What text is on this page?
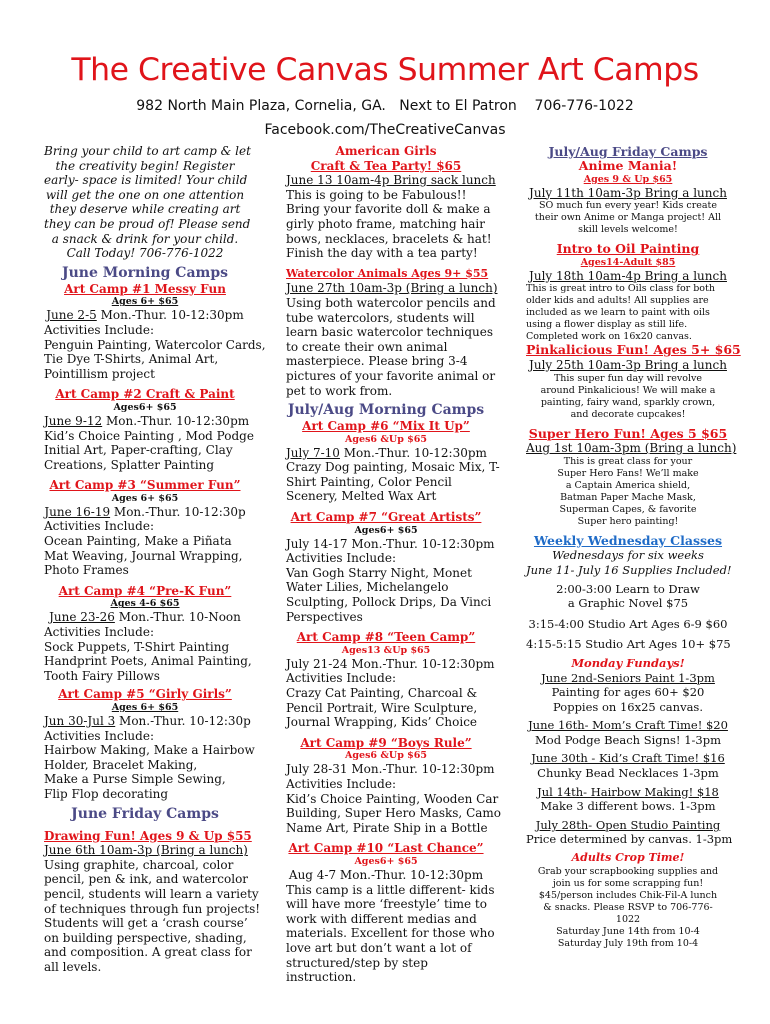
The Creative Canvas Summer Art Camps
982 North Main Plaza, Cornelia, GA.   Next to El Patron    706-776-1022
Facebook.com/TheCreativeCanvas
Bring your child to art camp & let
the creativity begin! Register
early- space is limited! Your child
will get the one on one attention
they deserve while creating art
they can be proud of! Please send
a snack & drink for your child.
Call Today! 706-776-1022
June Morning Camps
Art Camp #1 Messy Fun
Ages 6+ $65
June 2-5 Mon.-Thur. 10-12:30pm
Activities Include:
Penguin Painting, Watercolor Cards,
Tie Dye T-Shirts, Animal Art,
Pointillism project
Art Camp #2 Craft & Paint
Ages6+ $65
June 9-12 Mon.-Thur. 10-12:30pm
Kid’s Choice Painting , Mod Podge
Initial Art, Paper-crafting, Clay
Creations, Splatter Painting
Art Camp #3 “Summer Fun”
Ages 6+ $65
June 16-19 Mon.-Thur. 10-12:30p
Activities Include:
Ocean Painting, Make a Piñata
Mat Weaving, Journal Wrapping,
Photo Frames
Art Camp #4 “Pre-K Fun”
Ages 4-6 $65
June 23-26 Mon.-Thur. 10-Noon
Activities Include:
Sock Puppets, T-Shirt Painting
Handprint Poets, Animal Painting,
Tooth Fairy Pillows
Art Camp #5 “Girly Girls”
Ages 6+ $65
Jun 30-Jul 3 Mon.-Thur. 10-12:30p
Activities Include:
Hairbow Making, Make a Hairbow
Holder, Bracelet Making,
Make a Purse Simple Sewing,
Flip Flop decorating
June Friday Camps
Drawing Fun! Ages 9 & Up $55
June 6th 10am-3p (Bring a lunch)
Using graphite, charcoal, color
pencil, pen & ink, and watercolor
pencil, students will learn a variety
of techniques through fun projects!
Students will get a ‘crash course’
on building perspective, shading,
and composition. A great class for
all levels.
American Girls
Craft & Tea Party! $65
June 13 10am-4p Bring sack lunch
This is going to be Fabulous!!
Bring your favorite doll & make a
girly photo frame, matching hair
bows, necklaces, bracelets & hat!
Finish the day with a tea party!
Watercolor Animals Ages 9+ $55
June 27th 10am-3p (Bring a lunch)
Using both watercolor pencils and
tube watercolors, students will
learn basic watercolor techniques
to create their own animal
masterpiece. Please bring 3-4
pictures of your favorite animal or
pet to work from.
July/Aug Morning Camps
Art Camp #6 “Mix It Up”
Ages6 &Up $65
July 7-10 Mon.-Thur. 10-12:30pm
Crazy Dog painting, Mosaic Mix, T-
Shirt Painting, Color Pencil
Scenery, Melted Wax Art
Art Camp #7 “Great Artists”
Ages6+ $65
July 14-17 Mon.-Thur. 10-12:30pm
Activities Include:
Van Gogh Starry Night, Monet
Water Lilies, Michelangelo
Sculpting, Pollock Drips, Da Vinci
Perspectives
Art Camp #8 “Teen Camp”
Ages13 &Up $65
July 21-24 Mon.-Thur. 10-12:30pm
Activities Include:
Crazy Cat Painting, Charcoal &
Pencil Portrait, Wire Sculpture,
Journal Wrapping, Kids’ Choice
Art Camp #9 “Boys Rule”
Ages6 &Up $65
July 28-31 Mon.-Thur. 10-12:30pm
Activities Include:
Kid’s Choice Painting, Wooden Car
Building, Super Hero Masks, Camo
Name Art, Pirate Ship in a Bottle
Art Camp #10 “Last Chance”
Ages6+ $65
Aug 4-7 Mon.-Thur. 10-12:30pm
This camp is a little different- kids
will have more ‘freestyle’ time to
work with different medias and
materials. Excellent for those who
love art but don’t want a lot of
structured/step by step
instruction.
July/Aug Friday Camps
Anime Mania!
Ages 9 & Up $65
July 11th 10am-3p Bring a lunch
SO much fun every year! Kids create
their own Anime or Manga project! All
skill levels welcome!
Intro to Oil Painting
Ages14-Adult $85
July 18th 10am-4p Bring a lunch
This is great intro to Oils class for both
older kids and adults! All supplies are
included as we learn to paint with oils
using a flower display as still life.
Completed work on 16x20 canvas.
Pinkalicious Fun! Ages 5+ $65
July 25th 10am-3p Bring a lunch
This super fun day will revolve
around Pinkalicious! We will make a
painting, fairy wand, sparkly crown,
and decorate cupcakes!
Super Hero Fun! Ages 5 $65
Aug 1st 10am-3pm (Bring a lunch)
This is great class for your
Super Hero Fans! We’ll make
a Captain America shield,
Batman Paper Mache Mask,
Superman Capes, & favorite
Super hero painting!
Weekly Wednesday Classes
Wednesdays for six weeks
June 11- July 16 Supplies Included!
2:00-3:00 Learn to Draw
a Graphic Novel $75
3:15-4:00 Studio Art Ages 6-9 $60
4:15-5:15 Studio Art Ages 10+ $75
Monday Fundays!
June 2nd-Seniors Paint 1-3pm
Painting for ages 60+ $20
Poppies on 16x25 canvas.
June 16th- Mom’s Craft Time! $20
Mod Podge Beach Signs! 1-3pm
June 30th - Kid’s Craft Time! $16
Chunky Bead Necklaces 1-3pm
Jul 14th- Hairbow Making! $18
Make 3 different bows. 1-3pm
July 28th- Open Studio Painting
Price determined by canvas. 1-3pm
Adults Crop Time!
Grab your scrapbooking supplies and
join us for some scrapping fun!
$45/person includes Chik-Fil-A lunch
& snacks. Please RSVP to 706-776-
1022
Saturday June 14th from 10-4
Saturday July 19th from 10-4
